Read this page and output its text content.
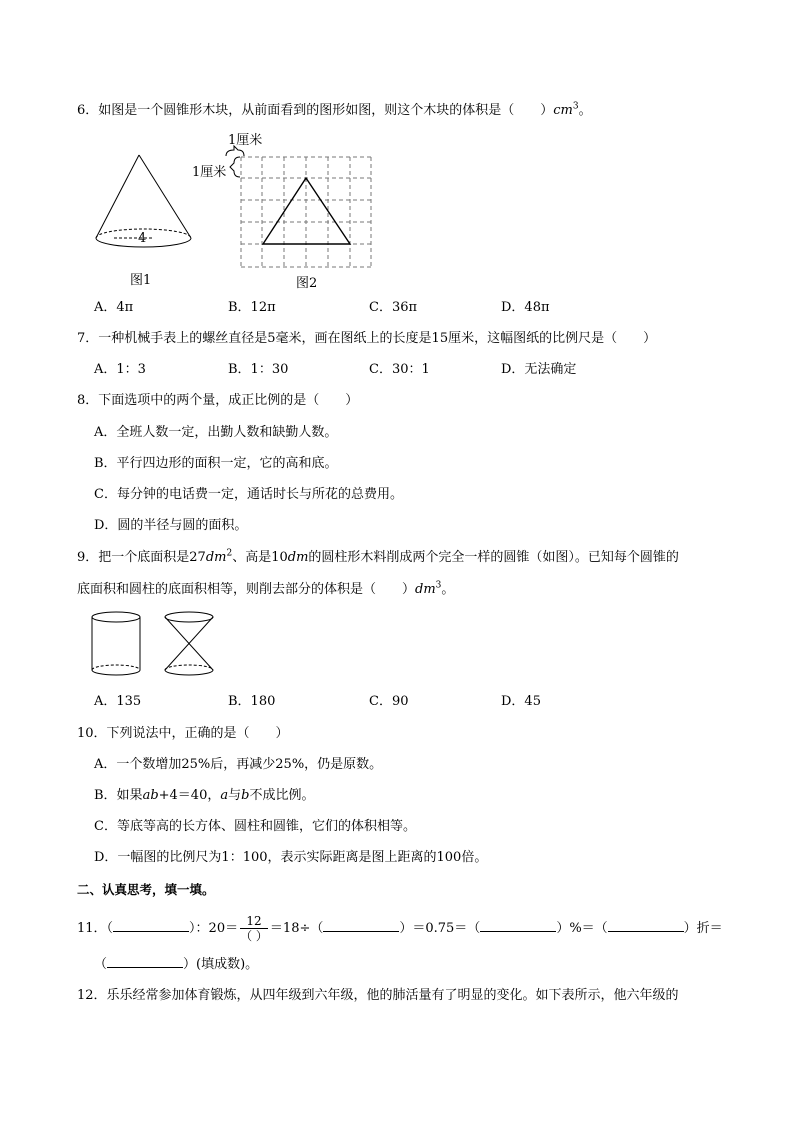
6．如图是一个圆锥形木块，从前面看到的图形如图，则这个木块的体积是（　　）$cm^3$。
4
图1
1厘米
1厘米
图2
A．4π	B．12π	C．36π	D．48π
7．一种机械手表上的螺丝直径是5毫米，画在图纸上的长度是15厘米，这幅图纸的比例尺是（　　）
A．1：3	B．1：30	C．30：1	D．无法确定
8．下面选项中的两个量，成正比例的是（　　）
A．全班人数一定，出勤人数和缺勤人数。
B．平行四边形的面积一定，它的高和底。
C．每分钟的电话费一定，通话时长与所花的总费用。
D．圆的半径与圆的面积。
9．把一个底面积是$27dm^2$、高是10dm的圆柱形木料削成两个完全一样的圆锥（如图）。已知每个圆锥的
底面积和圆柱的底面积相等，则削去部分的体积是（　　）$dm^3$。
A．135	B．180	C．90	D．45
10．下列说法中，正确的是（　　）
A．一个数增加25%后，再减少25%，仍是原数。
B．如果ab+4＝40，a与b不成比例。
C．等底等高的长方体、圆柱和圆锥，它们的体积相等。
D．一幅图的比例尺为1：100，表示实际距离是图上距离的100倍。
二、认真思考，填一填。
11．（	）：$20= \frac{12}{( )} =18\div$（	）＝0.75＝（	）%＝（	）折＝
（	）(填成数)。
12．乐乐经常参加体育锻炼，从四年级到六年级，他的肺活量有了明显的变化。如下表所示，他六年级的
